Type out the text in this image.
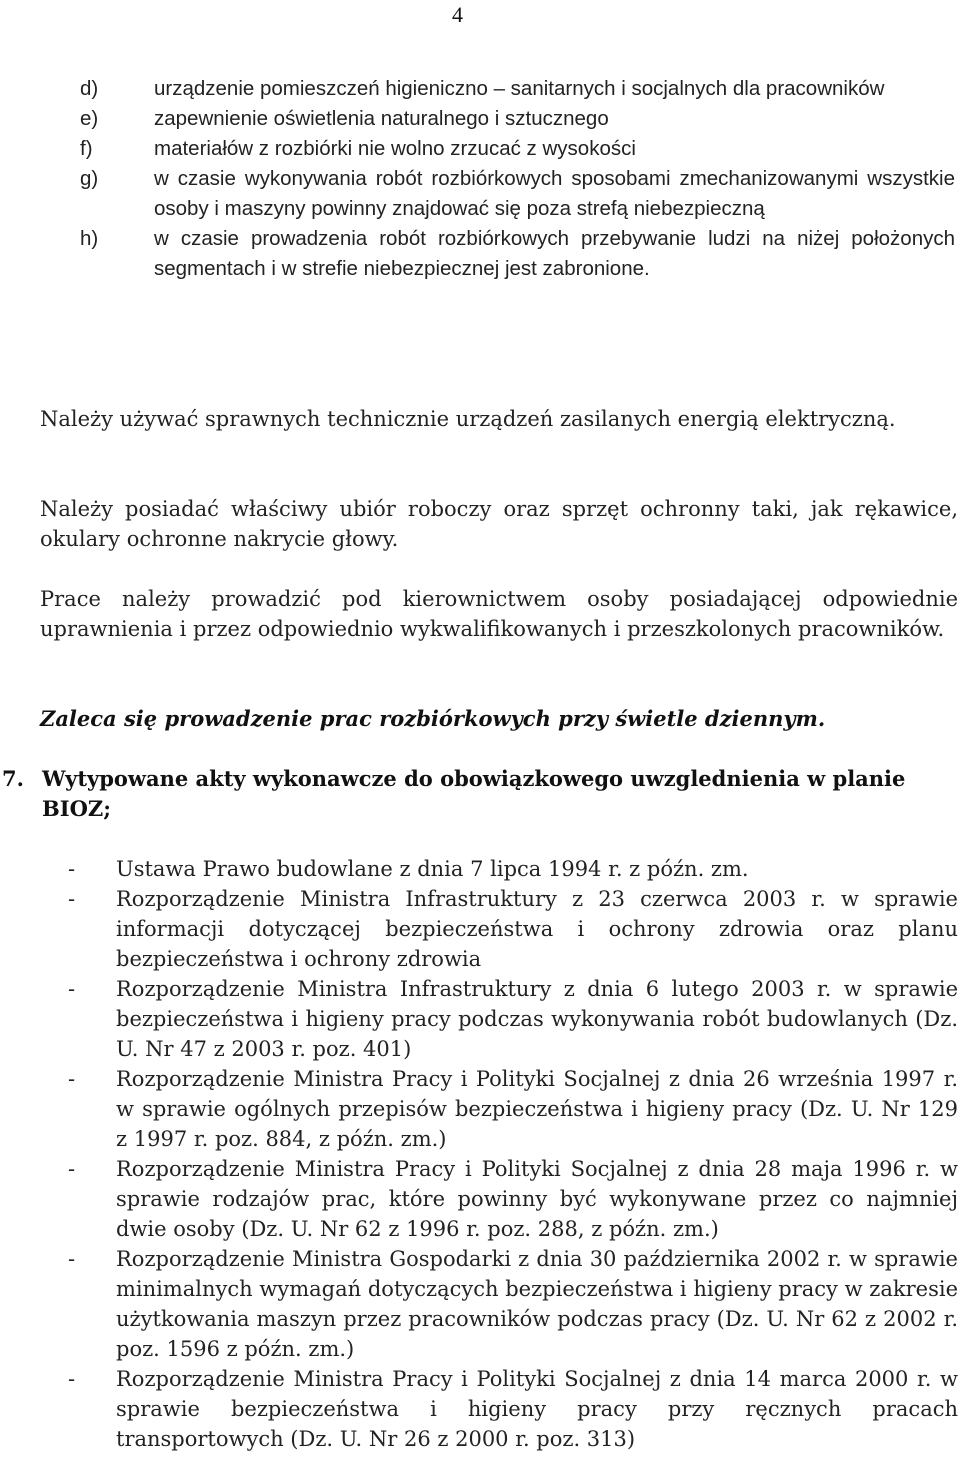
4
d)	urządzenie pomieszczeń higieniczno – sanitarnych i socjalnych dla pracowników
e)	zapewnienie oświetlenia naturalnego i sztucznego
f)	materiałów z rozbiórki nie wolno zrzucać z wysokości
g)	w czasie wykonywania robót rozbiórkowych sposobami zmechanizowanymi wszystkie osoby i maszyny powinny znajdować się poza strefą niebezpieczną
h)	w czasie prowadzenia robót rozbiórkowych przebywanie ludzi na niżej położonych segmentach i w strefie niebezpiecznej jest zabronione.

Należy używać sprawnych technicznie urządzeń zasilanych energią elektryczną.

Należy posiadać właściwy ubiór roboczy oraz sprzęt ochronny taki, jak rękawice, okulary ochronne nakrycie głowy.

Prace należy prowadzić pod kierownictwem osoby posiadającej odpowiednie uprawnienia i przez odpowiednio wykwalifikowanych i przeszkolonych pracowników.

Zaleca się prowadzenie prac rozbiórkowych przy świetle dziennym.

7. Wytypowane akty wykonawcze do obowiązkowego uwzglednienia w planie BIOZ;
-	Ustawa Prawo budowlane z dnia 7 lipca 1994 r. z późn. zm.
-	Rozporządzenie Ministra Infrastruktury z 23 czerwca 2003 r. w sprawie informacji dotyczącej bezpieczeństwa i ochrony zdrowia oraz planu bezpieczeństwa i ochrony zdrowia
-	Rozporządzenie Ministra Infrastruktury z dnia 6 lutego 2003 r. w sprawie bezpieczeństwa i higieny pracy podczas wykonywania robót budowlanych (Dz. U. Nr 47 z 2003 r. poz. 401)
-	Rozporządzenie Ministra Pracy i Polityki Socjalnej z dnia 26 września 1997 r. w sprawie ogólnych przepisów bezpieczeństwa i higieny pracy (Dz. U. Nr 129 z 1997 r. poz. 884, z późn. zm.)
-	Rozporządzenie Ministra Pracy i Polityki Socjalnej z dnia 28 maja 1996 r. w sprawie rodzajów prac, które powinny być wykonywane przez co najmniej dwie osoby (Dz. U. Nr 62 z 1996 r. poz. 288, z późn. zm.)
-	Rozporządzenie Ministra Gospodarki z dnia 30 października 2002 r. w sprawie minimalnych wymagań dotyczących bezpieczeństwa i higieny pracy w zakresie użytkowania maszyn przez pracowników podczas pracy (Dz. U. Nr 62 z 2002 r. poz. 1596 z późn. zm.)
-	Rozporządzenie Ministra Pracy i Polityki Socjalnej z dnia 14 marca 2000 r. w sprawie bezpieczeństwa i higieny pracy przy ręcznych pracach transportowych (Dz. U. Nr 26 z 2000 r. poz. 313)
